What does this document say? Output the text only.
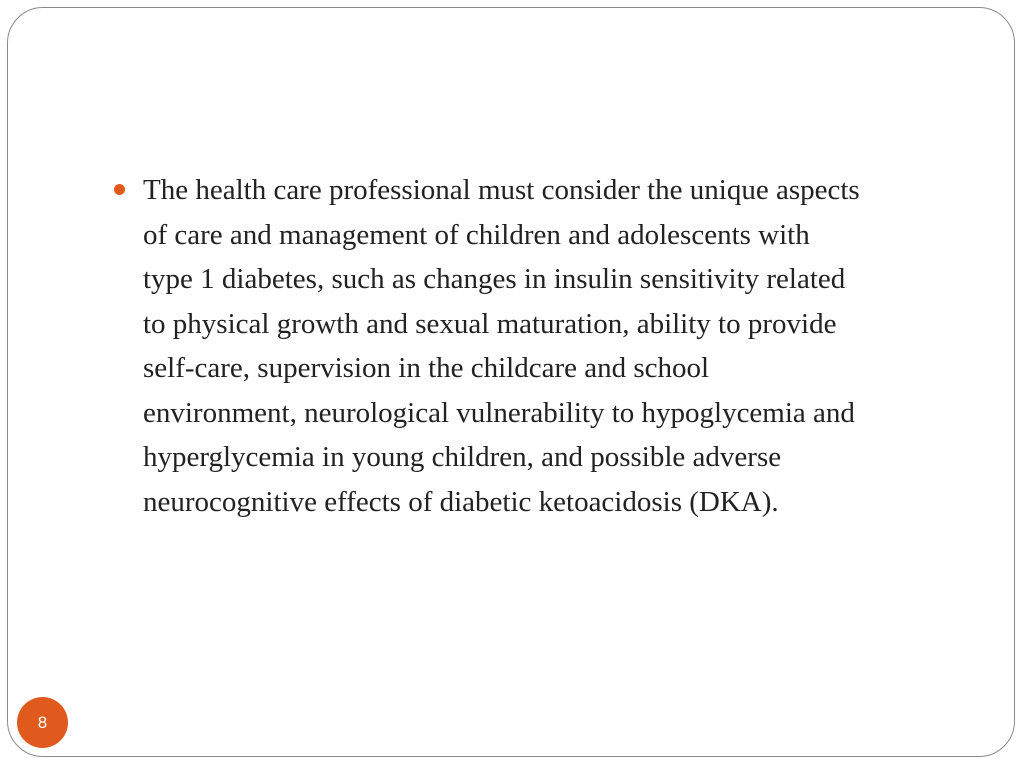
The health care professional must consider the unique aspects
of care and management of children and adolescents with
type 1 diabetes, such as changes in insulin sensitivity related
to physical growth and sexual maturation, ability to provide
self-care, supervision in the childcare and school
environment, neurological vulnerability to hypoglycemia and
hyperglycemia in young children, and possible adverse
neurocognitive effects of diabetic ketoacidosis (DKA).

8
